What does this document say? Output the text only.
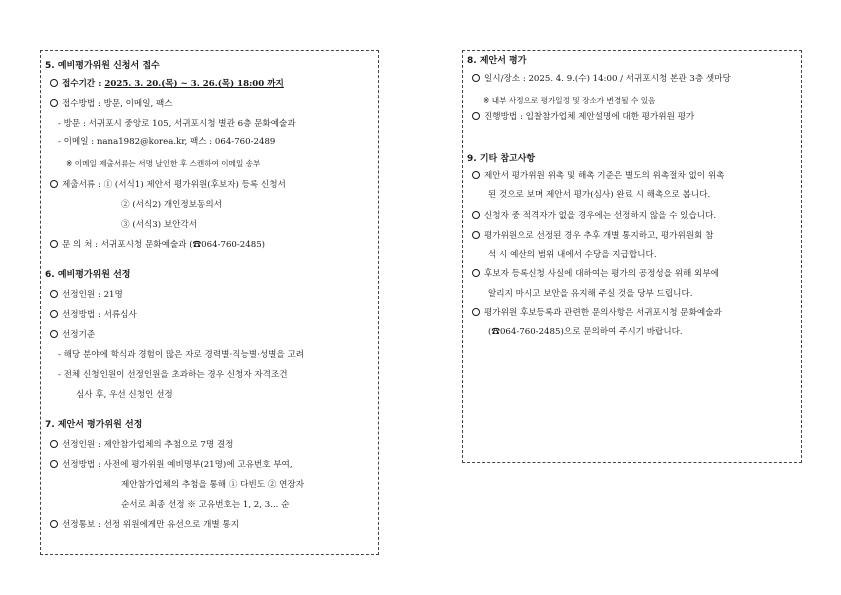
5. 예비평가위원 신청서 접수
접수기간 : 2025. 3. 20.(목) ~ 3. 26.(목) 18:00 까지
접수방법 : 방문, 이메일, 팩스
- 방문 : 서귀포시 중앙로 105, 서귀포시청 별관 6층 문화예술과
- 이메일 : nana1982@korea.kr, 팩스 : 064-760-2489
※ 이메일 제출서류는 서명 날인한 후 스캔하여 이메일 송부
제출서류 : ① (서식1) 제안서 평가위원(후보자) 등록 신청서
② (서식2) 개인정보동의서
③ (서식3) 보안각서
문 의 처 : 서귀포시청 문화예술과 (☎064-760-2485)
6. 예비평가위원 선정
선정인원 : 21명
선정방법 : 서류심사
선정기준
- 해당 분야에 학식과 경험이 많은 자로 경력별·직능별·성별을 고려
- 전체 신청인원이 선정인원을 초과하는 경우 신청자 자격조건
심사 후, 우선 신청인 선정
7. 제안서 평가위원 선정
선정인원 : 제안참가업체의 추첨으로 7명 결정
선정방법 : 사전에 평가위원 예비명부(21명)에 고유번호 부여,
제안참가업체의 추첨을 통해 ① 다빈도 ② 연장자
순서로 최종 선정 ※ 고유번호는 1, 2, 3... 순
선정통보 : 선정 위원에게만 유선으로 개별 통지
8. 제안서 평가
일시/장소 : 2025. 4. 9.(수) 14:00 / 서귀포시청 본관 3층 셋마당
※ 내부 사정으로 평가일정 및 장소가 변경될 수 있음
진행방법 : 입찰참가업체 제안설명에 대한 평가위원 평가
9. 기타 참고사항
제안서 평가위원 위촉 및 해촉 기준은 별도의 위촉절차 없이 위촉
된 것으로 보며 제안서 평가(심사) 완료 시 해촉으로 봅니다.
신청자 중 적격자가 없을 경우에는 선정하지 않을 수 있습니다.
평가위원으로 선정된 경우 추후 개별 통지하고, 평가위원회 참
석 시 예산의 범위 내에서 수당을 지급합니다.
후보자 등록신청 사실에 대하여는 평가의 공정성을 위해 외부에
알리지 마시고 보안을 유지해 주실 것을 당부 드립니다.
평가위원 후보등록과 관련한 문의사항은 서귀포시청 문화예술과
(☎064-760-2485)으로 문의하여 주시기 바랍니다.
